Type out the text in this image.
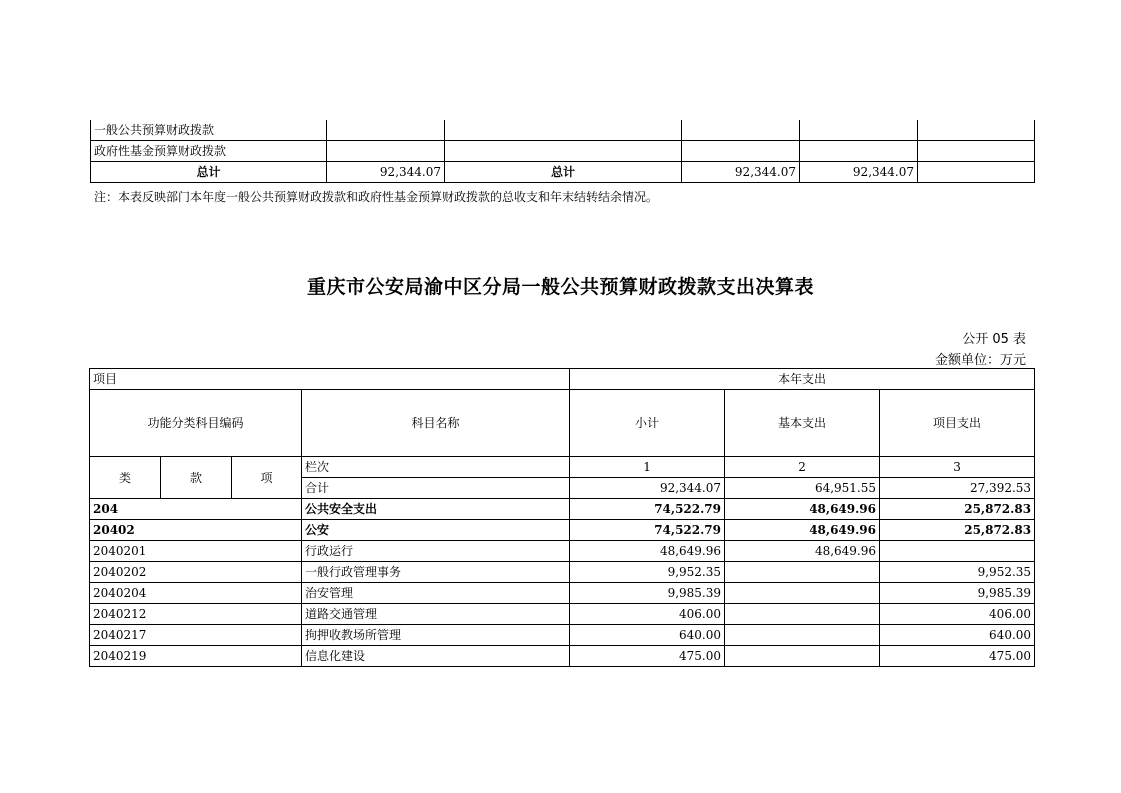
一般公共预算财政拨款					
政府性基金预算财政拨款					
总计	92,344.07	总计	92,344.07	92,344.07	
注：本表反映部门本年度一般公共预算财政拨款和政府性基金预算财政拨款的总收支和年末结转结余情况。
重庆市公安局渝中区分局一般公共预算财政拨款支出决算表
公开 05 表
金额单位：万元
项目				本年支出		
功能分类科目编码			科目名称	小计	基本支出	项目支出
类	款	项	栏次	1	2	3
			合计	92,344.07	64,951.55	27,392.53
204			公共安全支出	74,522.79	48,649.96	25,872.83
20402			公安	74,522.79	48,649.96	25,872.83
2040201			行政运行	48,649.96	48,649.96	
2040202			一般行政管理事务	9,952.35		9,952.35
2040204			治安管理	9,985.39		9,985.39
2040212			道路交通管理	406.00		406.00
2040217			拘押收教场所管理	640.00		640.00
2040219			信息化建设	475.00		475.00
